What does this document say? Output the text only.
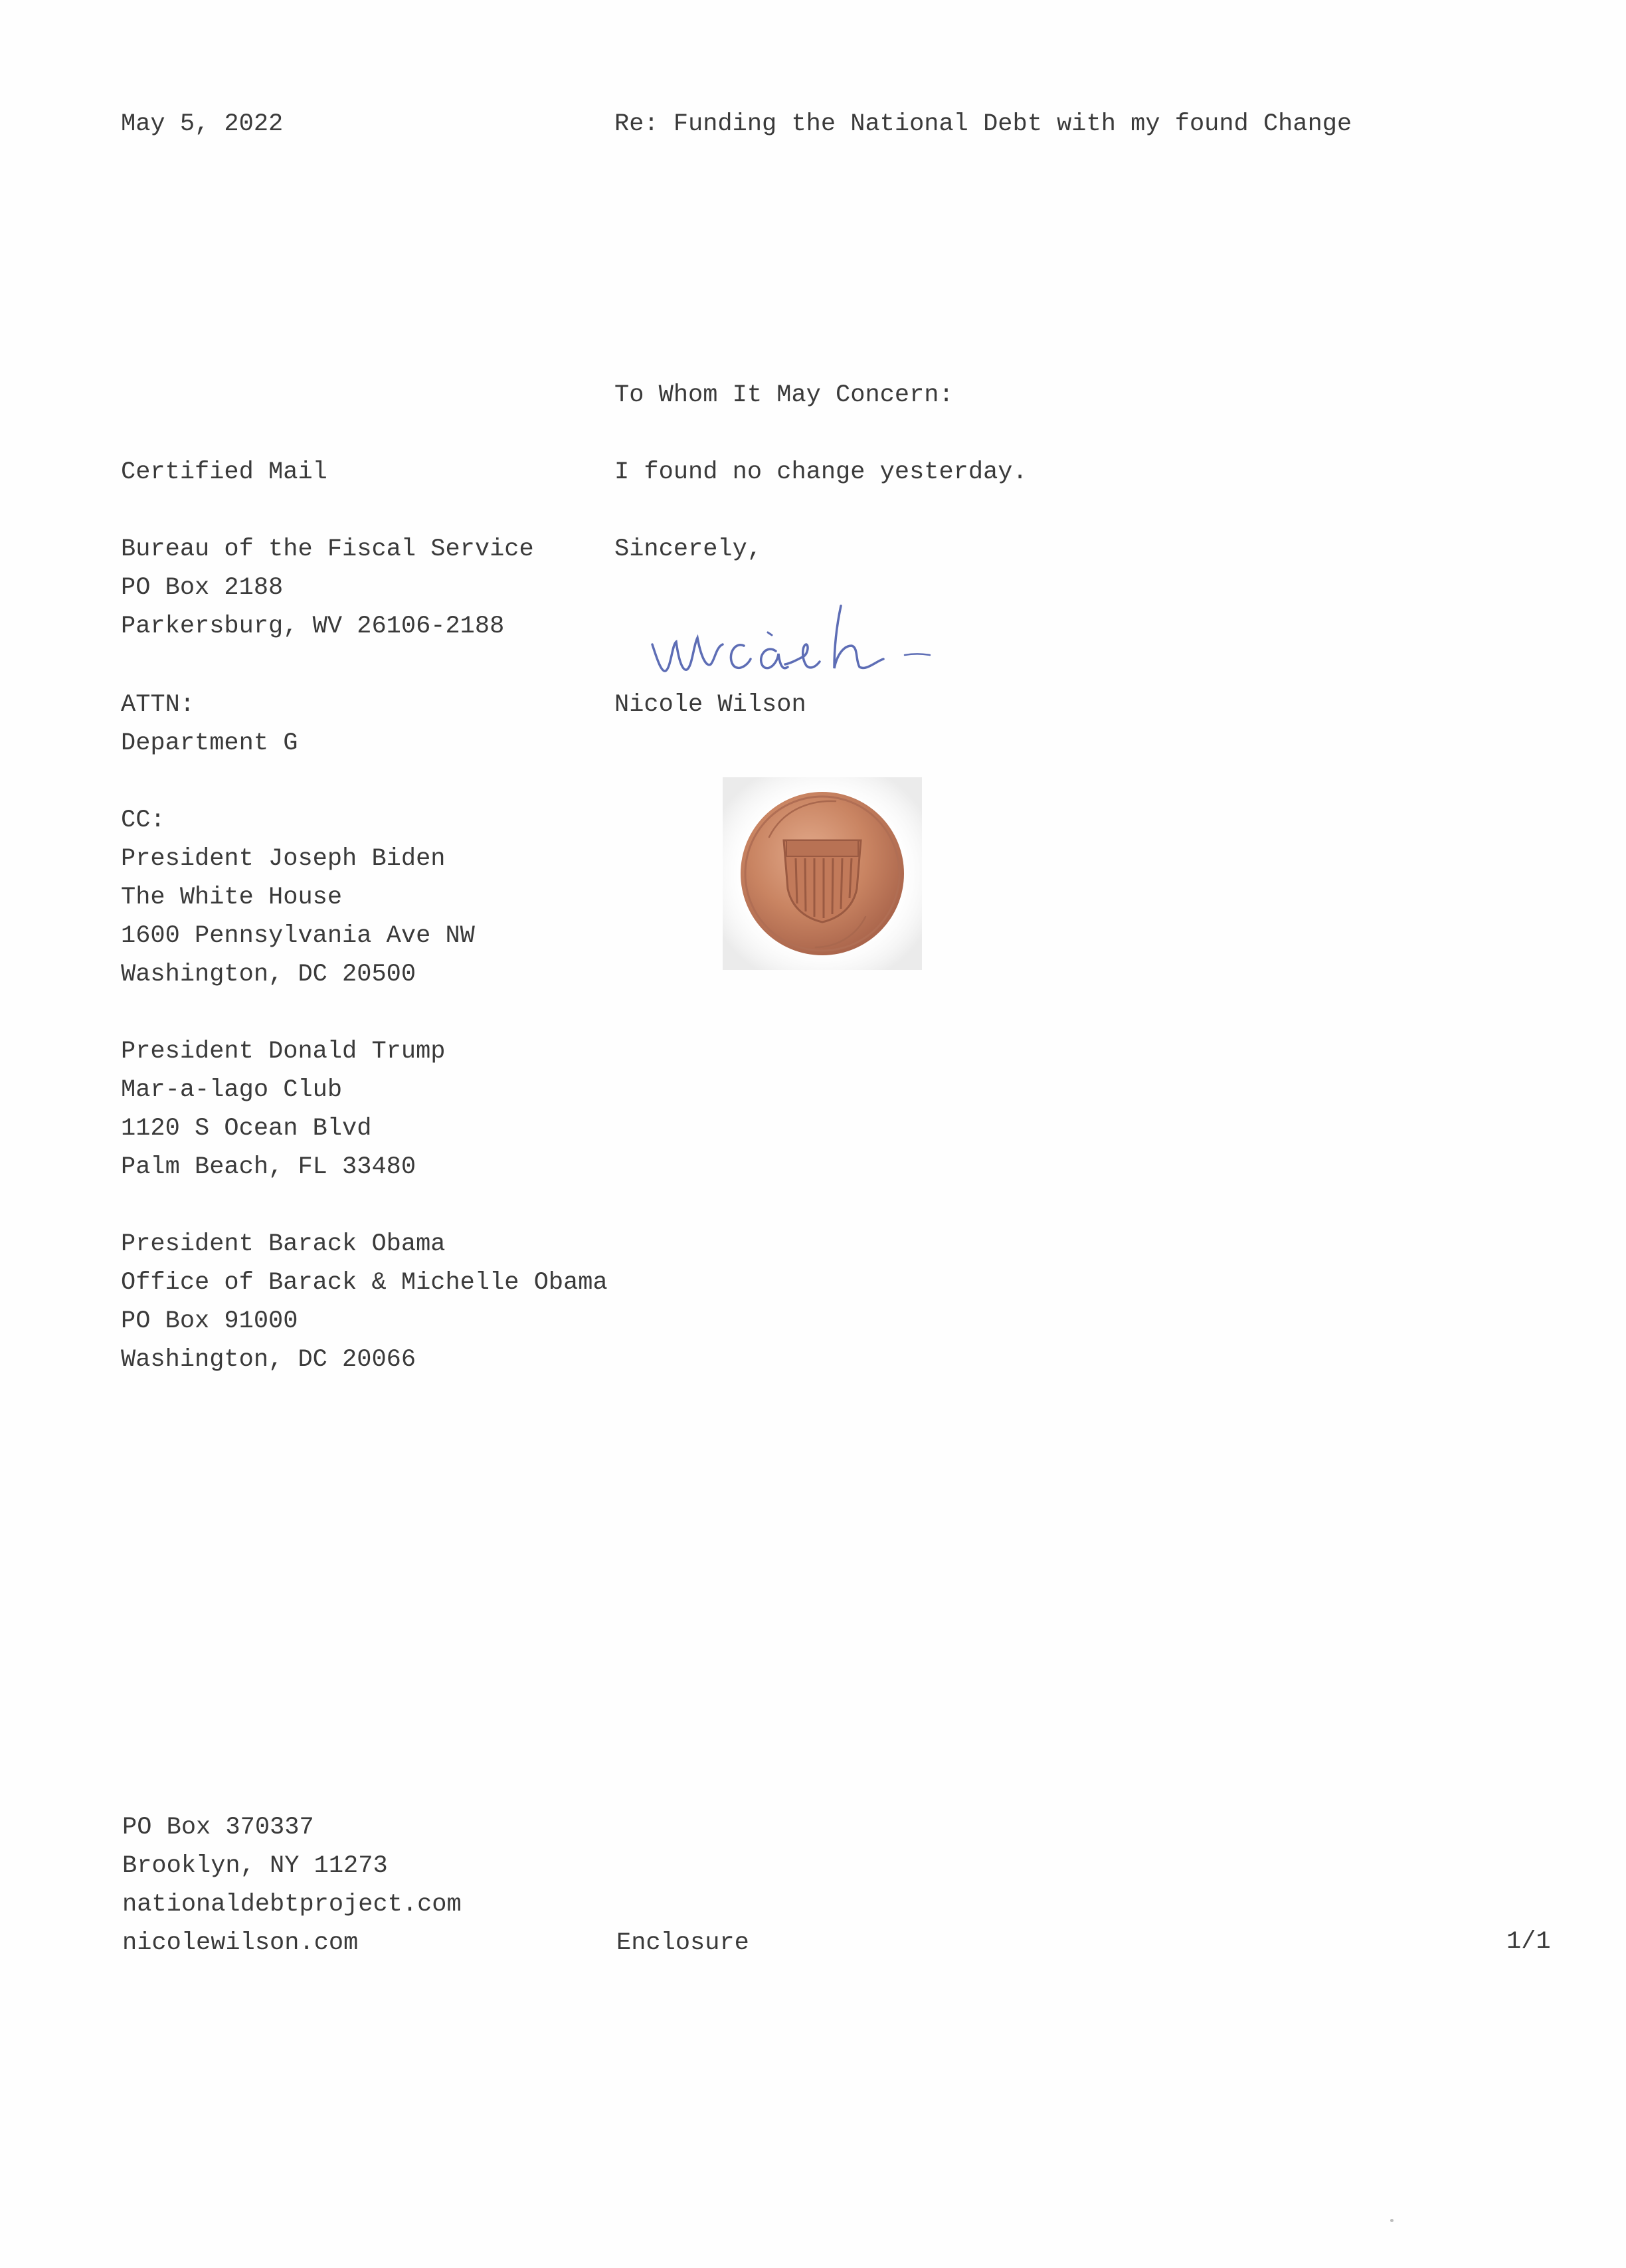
May 5, 2022	Re: Funding the National Debt with my found Change
To Whom It May Concern:
I found no change yesterday.
Sincerely,
Nicole Wilson
Certified Mail
Bureau of the Fiscal Service
PO Box 2188
Parkersburg, WV 26106-2188
ATTN:
Department G
CC:
President Joseph Biden
The White House
1600 Pennsylvania Ave NW
Washington, DC 20500
President Donald Trump
Mar-a-lago Club
1120 S Ocean Blvd
Palm Beach, FL 33480
President Barack Obama
Office of Barack & Michelle Obama
PO Box 91000
Washington, DC 20066
PO Box 370337
Brooklyn, NY 11273
nationaldebtproject.com
nicolewilson.com	Enclosure	1/1
